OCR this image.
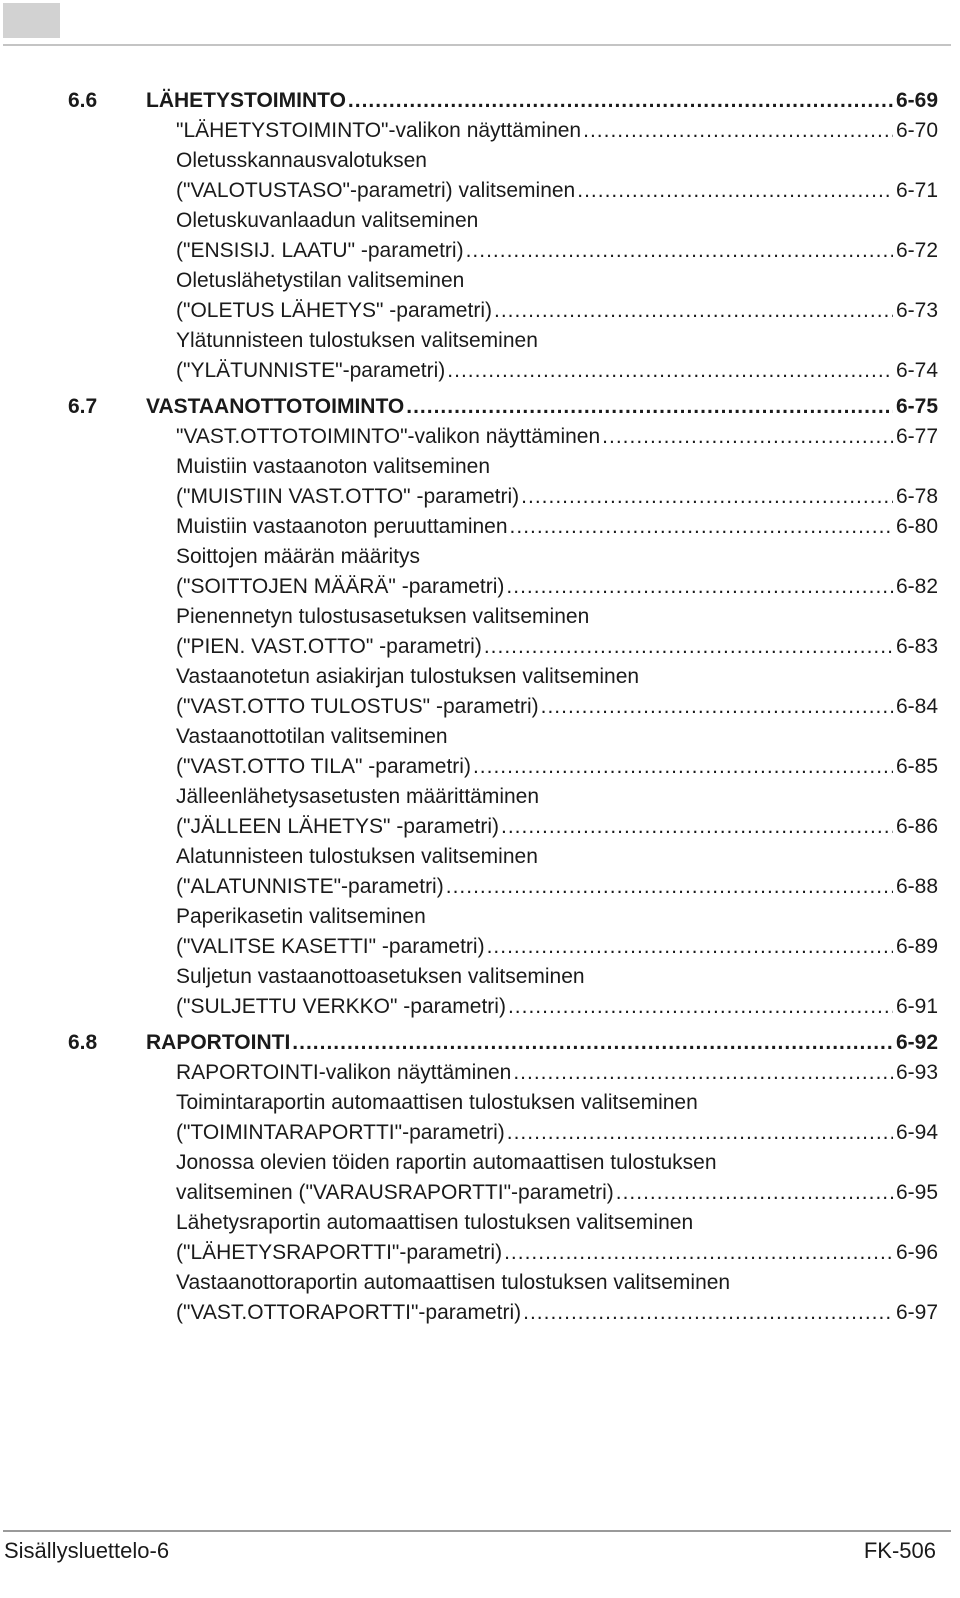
6.6	LÄHETYSTOIMINTO .....	6-69
"LÄHETYSTOIMINTO"-valikon näyttäminen .....	6-70
Oletusskannausvalotuksen
("VALOTUSTASO"-parametri) valitseminen .....	6-71
Oletuskuvanlaadun valitseminen
("ENSISIJ. LAATU" -parametri) .....	6-72
Oletuslähetystilan valitseminen
("OLETUS LÄHETYS" -parametri) .....	6-73
Ylätunnisteen tulostuksen valitseminen
("YLÄTUNNISTE"-parametri) .....	6-74
6.7	VASTAANOTTOTOIMINTO .....	6-75
"VAST.OTTOTOIMINTO"-valikon näyttäminen .....	6-77
Muistiin vastaanoton valitseminen
("MUISTIIN VAST.OTTO" -parametri) .....	6-78
Muistiin vastaanoton peruuttaminen .....	6-80
Soittojen määrän määritys
("SOITTOJEN MÄÄRÄ" -parametri) .....	6-82
Pienennetyn tulostusasetuksen valitseminen
("PIEN. VAST.OTTO" -parametri) .....	6-83
Vastaanotetun asiakirjan tulostuksen valitseminen
("VAST.OTTO TULOSTUS" -parametri) .....	6-84
Vastaanottotilan valitseminen
("VAST.OTTO TILA" -parametri) .....	6-85
Jälleenlähetysasetusten määrittäminen
("JÄLLEEN LÄHETYS" -parametri) .....	6-86
Alatunnisteen tulostuksen valitseminen
("ALATUNNISTE"-parametri) .....	6-88
Paperikasetin valitseminen
("VALITSE KASETTI" -parametri) .....	6-89
Suljetun vastaanottoasetuksen valitseminen
("SULJETTU VERKKO" -parametri) .....	6-91
6.8	RAPORTOINTI .....	6-92
RAPORTOINTI-valikon näyttäminen .....	6-93
Toimintaraportin automaattisen tulostuksen valitseminen
("TOIMINTARAPORTTI"-parametri) .....	6-94
Jonossa olevien töiden raportin automaattisen tulostuksen
valitseminen ("VARAUSRAPORTTI"-parametri) .....	6-95
Lähetysraportin automaattisen tulostuksen valitseminen
("LÄHETYSRAPORTTI"-parametri) .....	6-96
Vastaanottoraportin automaattisen tulostuksen valitseminen
("VAST.OTTORAPORTTI"-parametri) .....	6-97
Sisällysluettelo-6	FK-506
